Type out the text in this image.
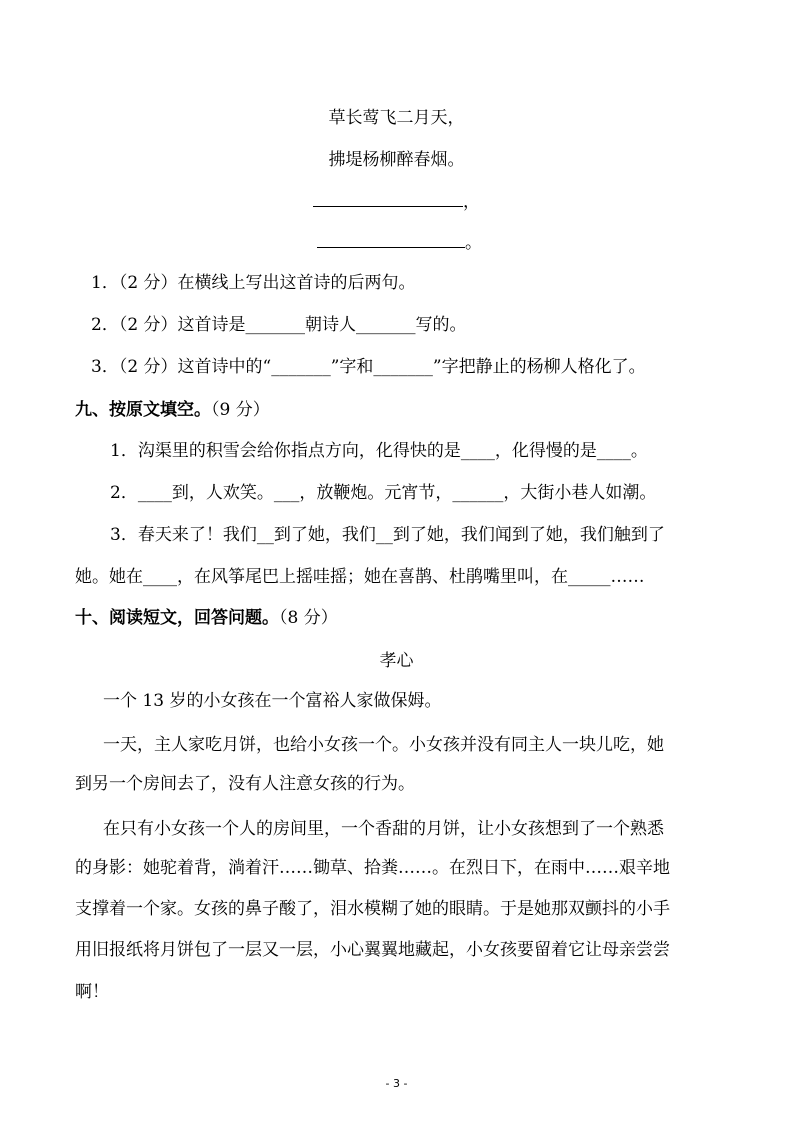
草长莺飞二月天，
拂堤杨柳醉春烟。
，
。
1．（2 分）在横线上写出这首诗的后两句。
2．（2 分）这首诗是_______朝诗人_______写的。
3．（2 分）这首诗中的“_______”字和_______”字把静止的杨柳人格化了。
九、按原文填空。（9 分）
1．沟渠里的积雪会给你指点方向，化得快的是____，化得慢的是____。
2．____到，人欢笑。___，放鞭炮。元宵节，______，大街小巷人如潮。
3．春天来了！我们__到了她，我们__到了她，我们闻到了她，我们触到了
她。她在____，在风筝尾巴上摇哇摇；她在喜鹊、杜鹃嘴里叫，在_____……
十、阅读短文，回答问题。（8 分）
孝心
一个 13 岁的小女孩在一个富裕人家做保姆。
一天，主人家吃月饼，也给小女孩一个。小女孩并没有同主人一块儿吃，她
到另一个房间去了，没有人注意女孩的行为。
在只有小女孩一个人的房间里，一个香甜的月饼，让小女孩想到了一个熟悉
的身影：她驼着背，淌着汗……锄草、拾粪……。在烈日下，在雨中……艰辛地
支撑着一个家。女孩的鼻子酸了，泪水模糊了她的眼睛。于是她那双颤抖的小手
用旧报纸将月饼包了一层又一层，小心翼翼地藏起，小女孩要留着它让母亲尝尝
啊！
- 3 -
